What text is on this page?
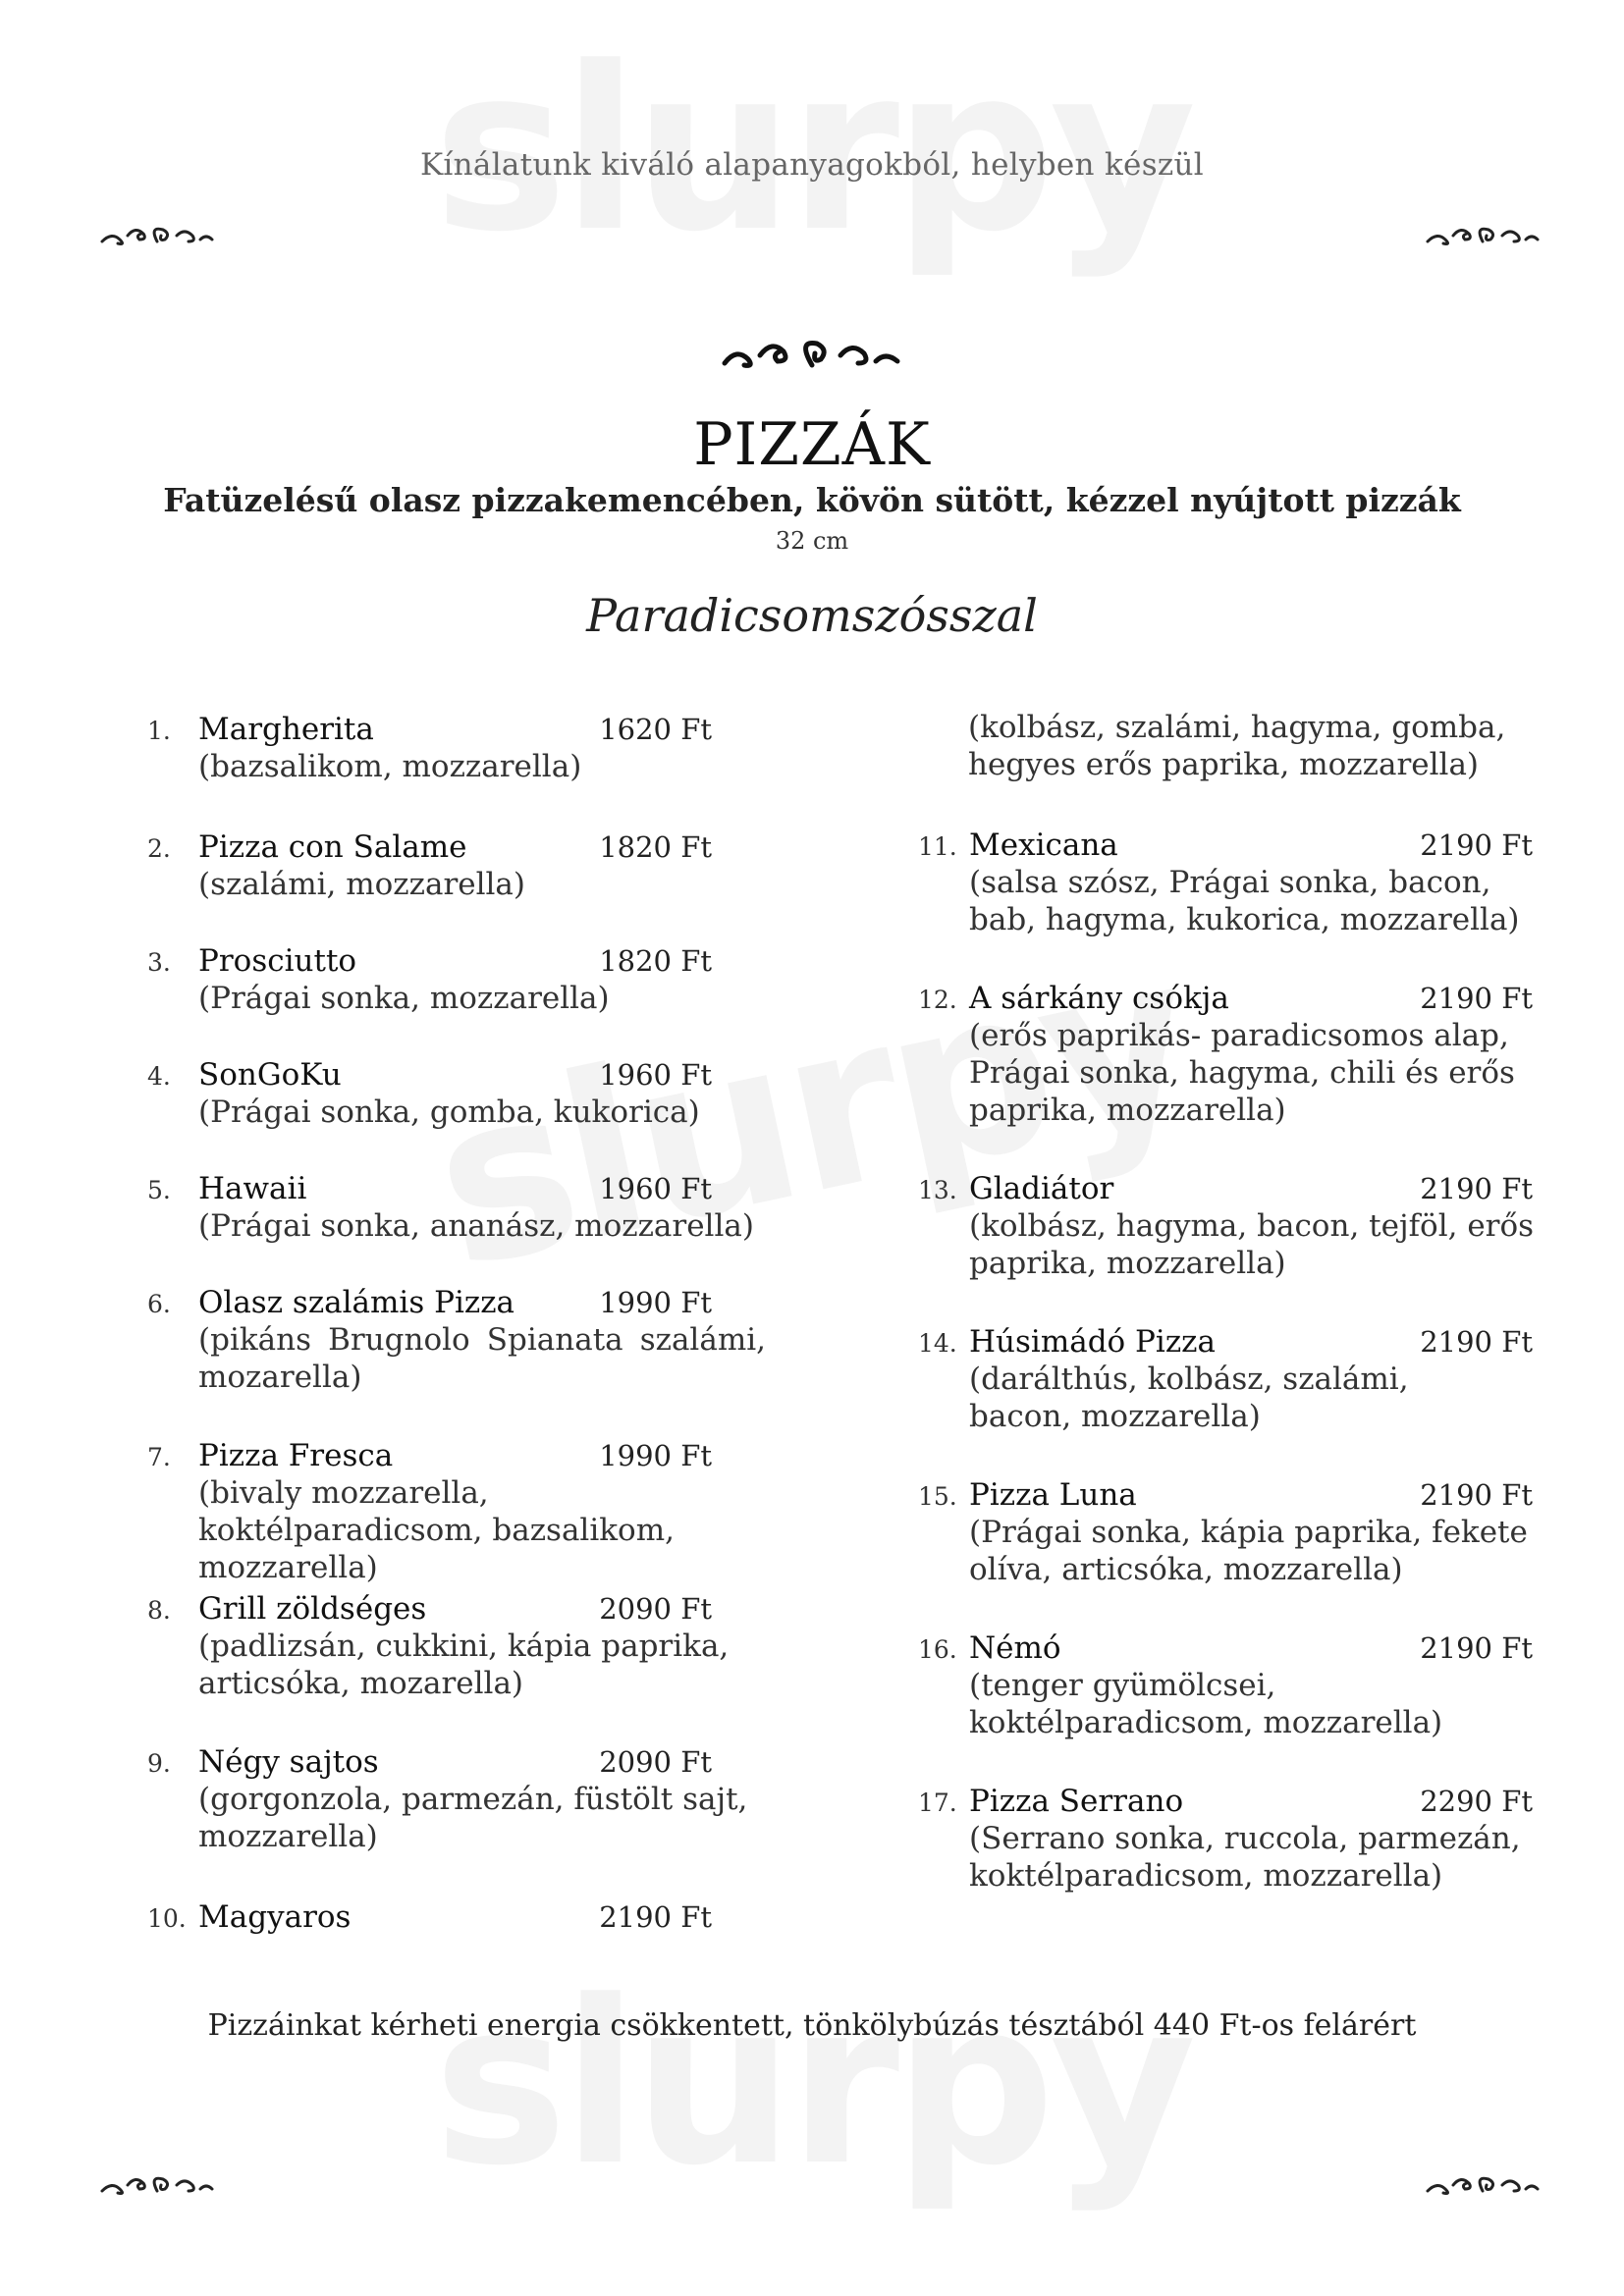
Kínálatunk kiváló alapanyagokból, helyben készül
PIZZÁK
Fatüzelésű olasz pizzakemencében, kövön sütött, kézzel nyújtott pizzák
32 cm
Paradicsomszósszal
1. Margherita	1620 Ft
(bazsalikom, mozzarella)
2. Pizza con Salame	1820 Ft
(szalámi, mozzarella)
3. Prosciutto	1820 Ft
(Prágai sonka, mozzarella)
4. SonGoKu	1960 Ft
(Prágai sonka, gomba, kukorica)
5. Hawaii	1960 Ft
(Prágai sonka, ananász, mozzarella)
6. Olasz szalámis Pizza	1990 Ft
(pikáns Brugnolo Spianata szalámi, mozarella)
7. Pizza Fresca	1990 Ft
(bivaly mozzarella, koktélparadicsom, bazsalikom, mozzarella)
8. Grill zöldséges	2090 Ft
(padlizsán, cukkini, kápia paprika, articsóka, mozarella)
9. Négy sajtos	2090 Ft
(gorgonzola, parmezán, füstölt sajt, mozzarella)
10. Magyaros	2190 Ft
(kolbász, szalámi, hagyma, gomba, hegyes erős paprika, mozzarella)
11. Mexicana	2190 Ft
(salsa szósz, Prágai sonka, bacon, bab, hagyma, kukorica, mozzarella)
12. A sárkány csókja	2190 Ft
(erős paprikás- paradicsomos alap, Prágai sonka, hagyma, chili és erős paprika, mozzarella)
13. Gladiátor	2190 Ft
(kolbász, hagyma, bacon, tejföl, erős paprika, mozzarella)
14. Húsimádó Pizza	2190 Ft
(darálthús, kolbász, szalámi, bacon, mozzarella)
15. Pizza Luna	2190 Ft
(Prágai sonka, kápia paprika, fekete olíva, articsóka, mozzarella)
16. Némó	2190 Ft
(tenger gyümölcsei, koktélparadicsom, mozzarella)
17. Pizza Serrano	2290 Ft
(Serrano sonka, ruccola, parmezán, koktélparadicsom, mozzarella)
Pizzáinkat kérheti energia csökkentett, tönkölybúzás tésztából 440 Ft-os felárért
